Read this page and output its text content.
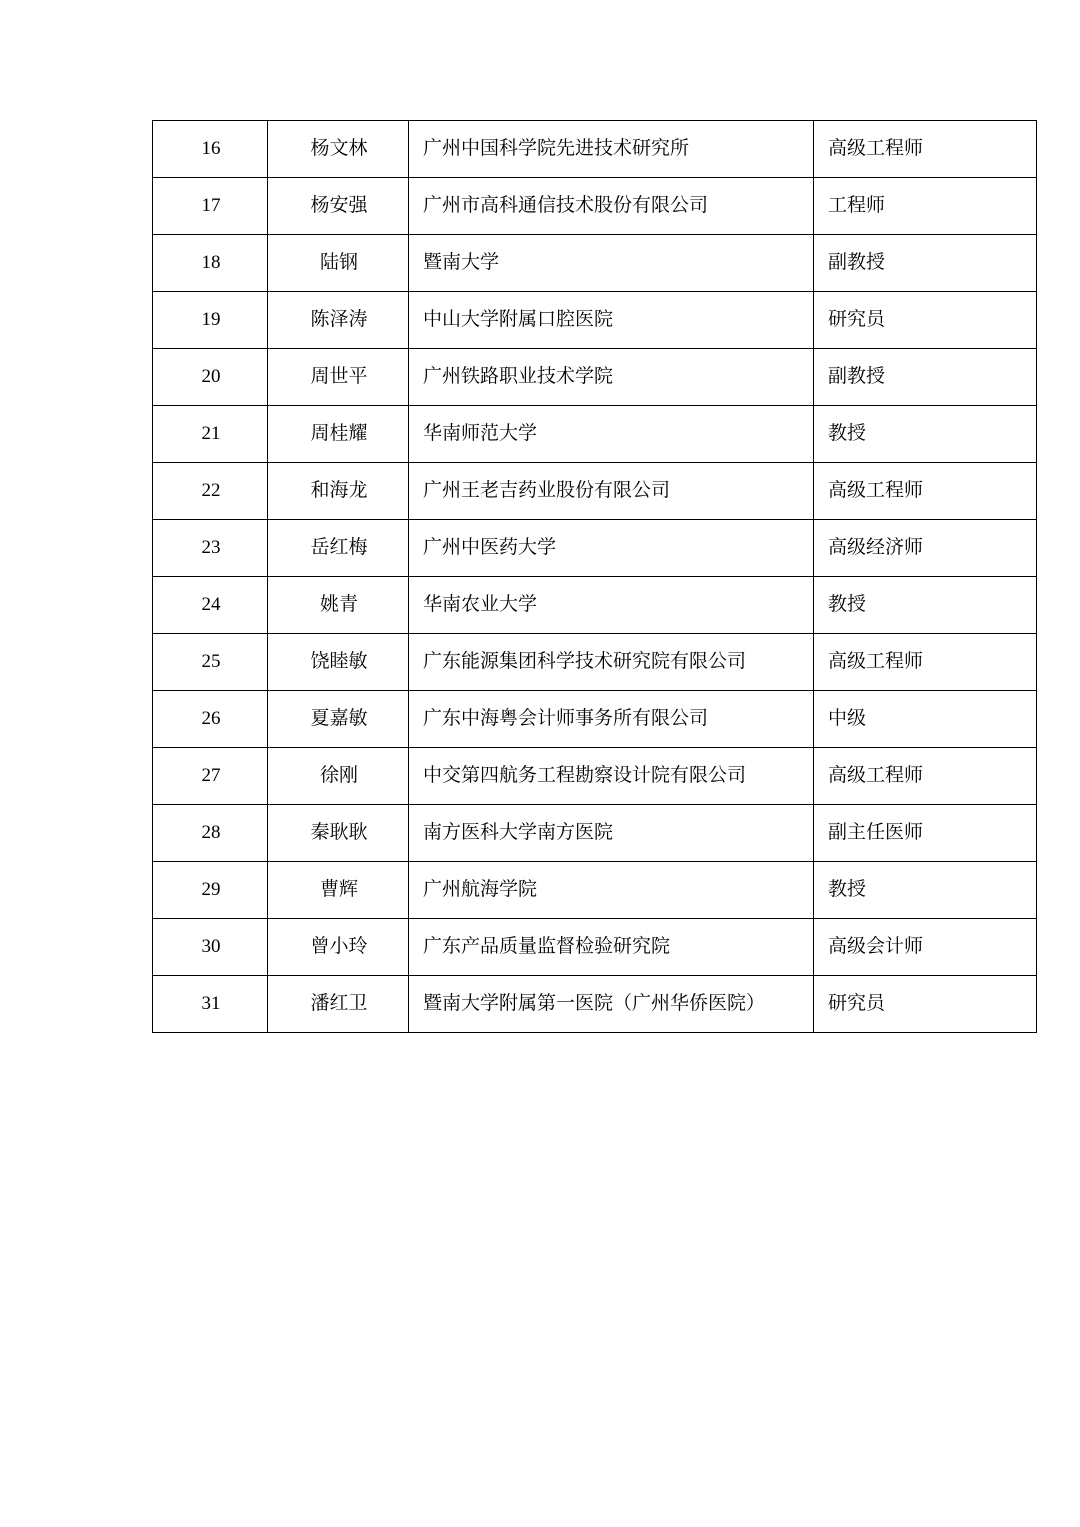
16	杨文林	广州中国科学院先进技术研究所	高级工程师
17	杨安强	广州市高科通信技术股份有限公司	工程师
18	陆钢	暨南大学	副教授
19	陈泽涛	中山大学附属口腔医院	研究员
20	周世平	广州铁路职业技术学院	副教授
21	周桂耀	华南师范大学	教授
22	和海龙	广州王老吉药业股份有限公司	高级工程师
23	岳红梅	广州中医药大学	高级经济师
24	姚青	华南农业大学	教授
25	饶睦敏	广东能源集团科学技术研究院有限公司	高级工程师
26	夏嘉敏	广东中海粤会计师事务所有限公司	中级
27	徐刚	中交第四航务工程勘察设计院有限公司	高级工程师
28	秦耿耿	南方医科大学南方医院	副主任医师
29	曹辉	广州航海学院	教授
30	曾小玲	广东产品质量监督检验研究院	高级会计师
31	潘红卫	暨南大学附属第一医院（广州华侨医院）	研究员
